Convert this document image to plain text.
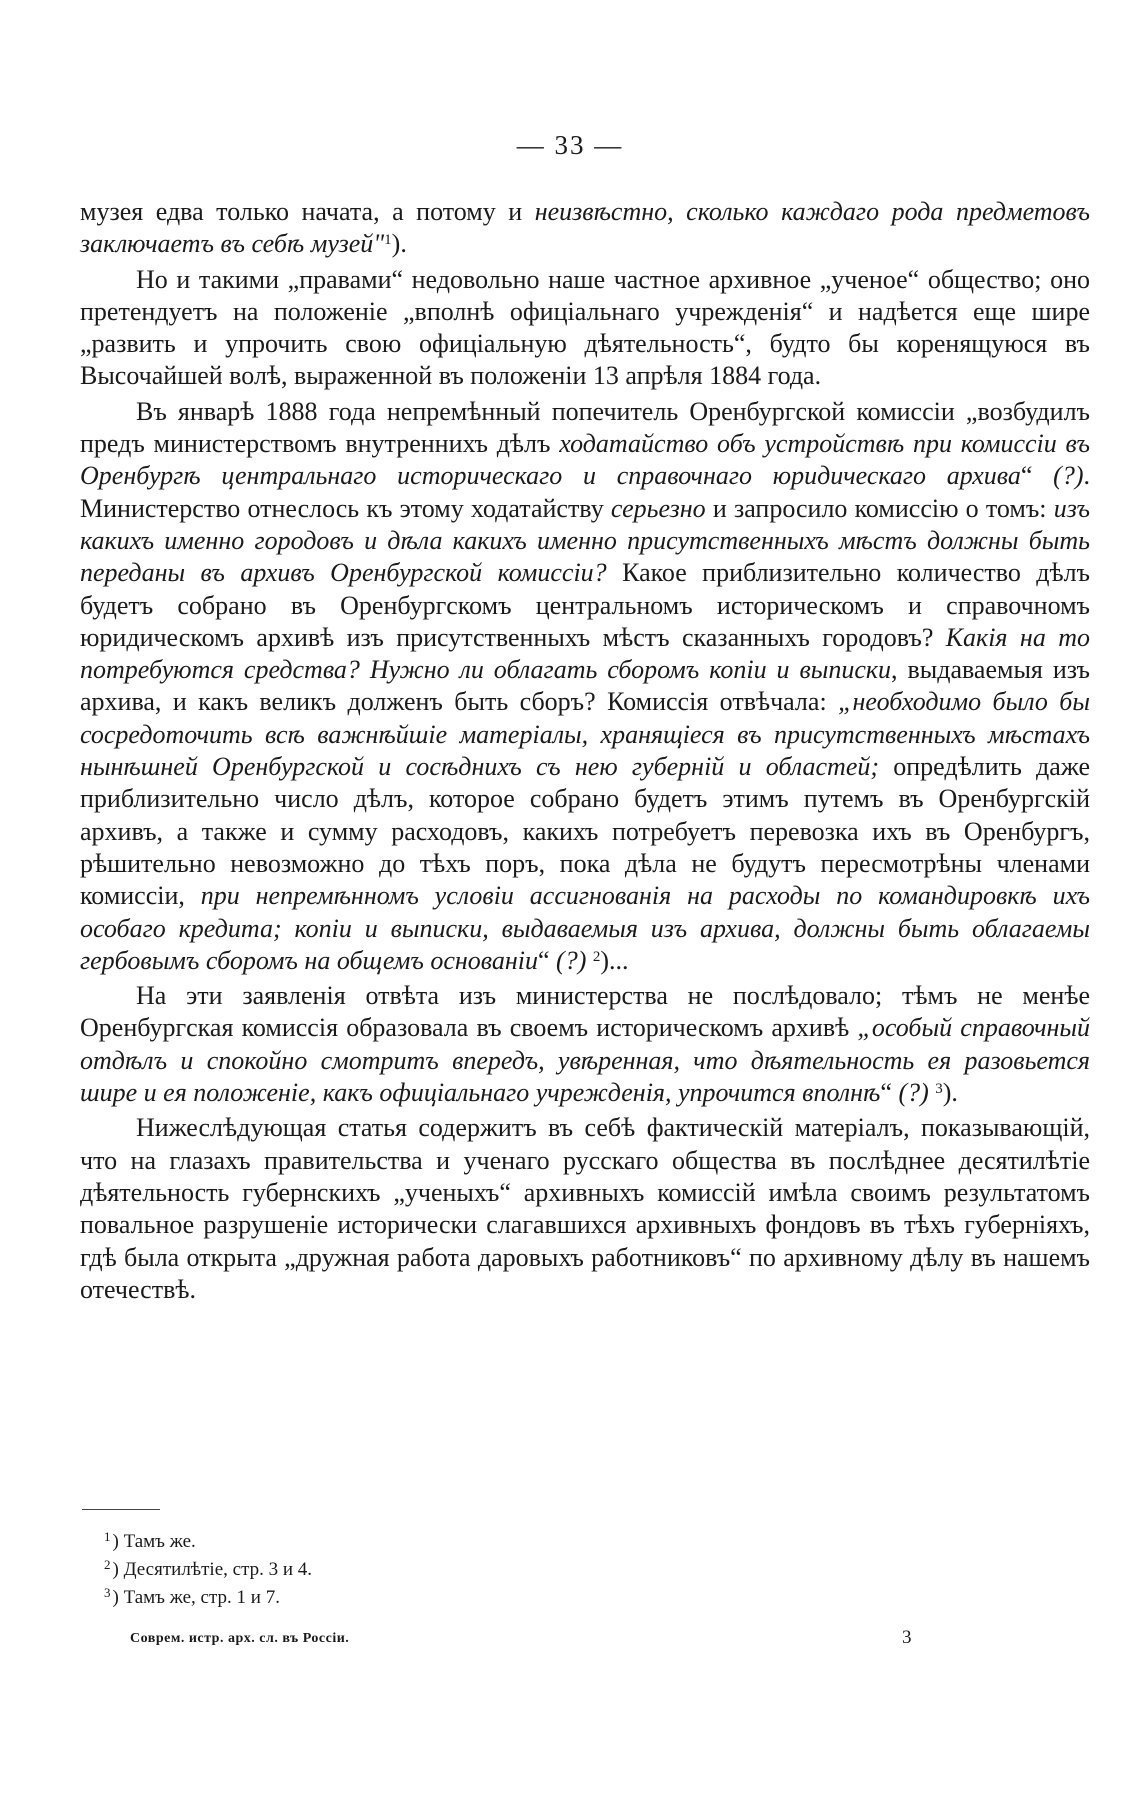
— 33 —

музея едва только начата, а потому и неизвѣстно, сколько каждаго рода предметовъ заключаетъ въ себѣ музей"$^1$).

Но и такими „правами“ недовольно наше частное архивное „ученое“ общество; оно претендуетъ на положеніе „вполнѣ офиціальнаго учрежденія“ и надѣется еще шире „развить и упрочить свою офиціальную дѣятельность“, будто бы коренящуюся въ Высочайшей волѣ, выраженной въ положеніи 13 апрѣля 1884 года.

Въ январѣ 1888 года непремѣнный попечитель Оренбургской комиссіи „возбудилъ предъ министерствомъ внутреннихъ дѣлъ ходатайство объ устройствѣ при комиссіи въ Оренбургѣ центральнаго историческаго и справочнаго юридическаго архива“ (?). Министерство отнеслось къ этому ходатайству серьезно и запросило комиссію о томъ: изъ какихъ именно городовъ и дѣла какихъ именно присутственныхъ мѣстъ должны быть переданы въ архивъ Оренбургской комиссіи? Какое приблизительно количество дѣлъ будетъ собрано въ Оренбургскомъ центральномъ историческомъ и справочномъ юридическомъ архивѣ изъ присутственныхъ мѣстъ сказанныхъ городовъ? Какія на то потребуются средства? Нужно ли облагать сборомъ копіи и выписки, выдаваемыя изъ архива, и какъ великъ долженъ быть сборъ? Комиссія отвѣчала: „необходимо было бы сосредоточить всѣ важнѣйшіе матеріалы, хранящіеся въ присутственныхъ мѣстахъ нынѣшней Оренбургской и сосѣднихъ съ нею губерній и областей; опредѣлить даже приблизительно число дѣлъ, которое собрано будетъ этимъ путемъ въ Оренбургскій архивъ, а также и сумму расходовъ, какихъ потребуетъ перевозка ихъ въ Оренбургъ, рѣшительно невозможно до тѣхъ поръ, пока дѣла не будутъ пересмотрѣны членами комиссіи, при непремѣнномъ условіи ассигнованія на расходы по командировкѣ ихъ особаго кредита; копіи и выписки, выдаваемыя изъ архива, должны быть облагаемы гербовымъ сборомъ на общемъ основаніи“ (?) $^2$)...

На эти заявленія отвѣта изъ министерства не послѣдовало; тѣмъ не менѣе Оренбургская комиссія образовала въ своемъ историческомъ архивѣ „особый справочный отдѣлъ и спокойно смотритъ впередъ, увѣренная, что дѣятельность ея разовьется шире и ея положеніе, какъ офиціальнаго учрежденія, упрочится вполнѣ“ (?) $^3$).

Нижеслѣдующая статья содержитъ въ себѣ фактическій матеріалъ, показывающій, что на глазахъ правительства и ученаго русскаго общества въ послѣднее десятилѣтіе дѣятельность губернскихъ „ученыхъ“ архивныхъ комиссій имѣла своимъ результатомъ повальное разрушеніе исторически слагавшихся архивныхъ фондовъ въ тѣхъ губерніяхъ, гдѣ была открыта „дружная работа даровыхъ работниковъ“ по архивному дѣлу въ нашемъ отечествѣ.

$^1$ ) Тамъ же.

$^2$ ) Десятилѣтіе, стр. 3 и 4.

$^3$ ) Тамъ же, стр. 1 и 7.

Соврем. истр. арх. сл. въ Россіи.	3
